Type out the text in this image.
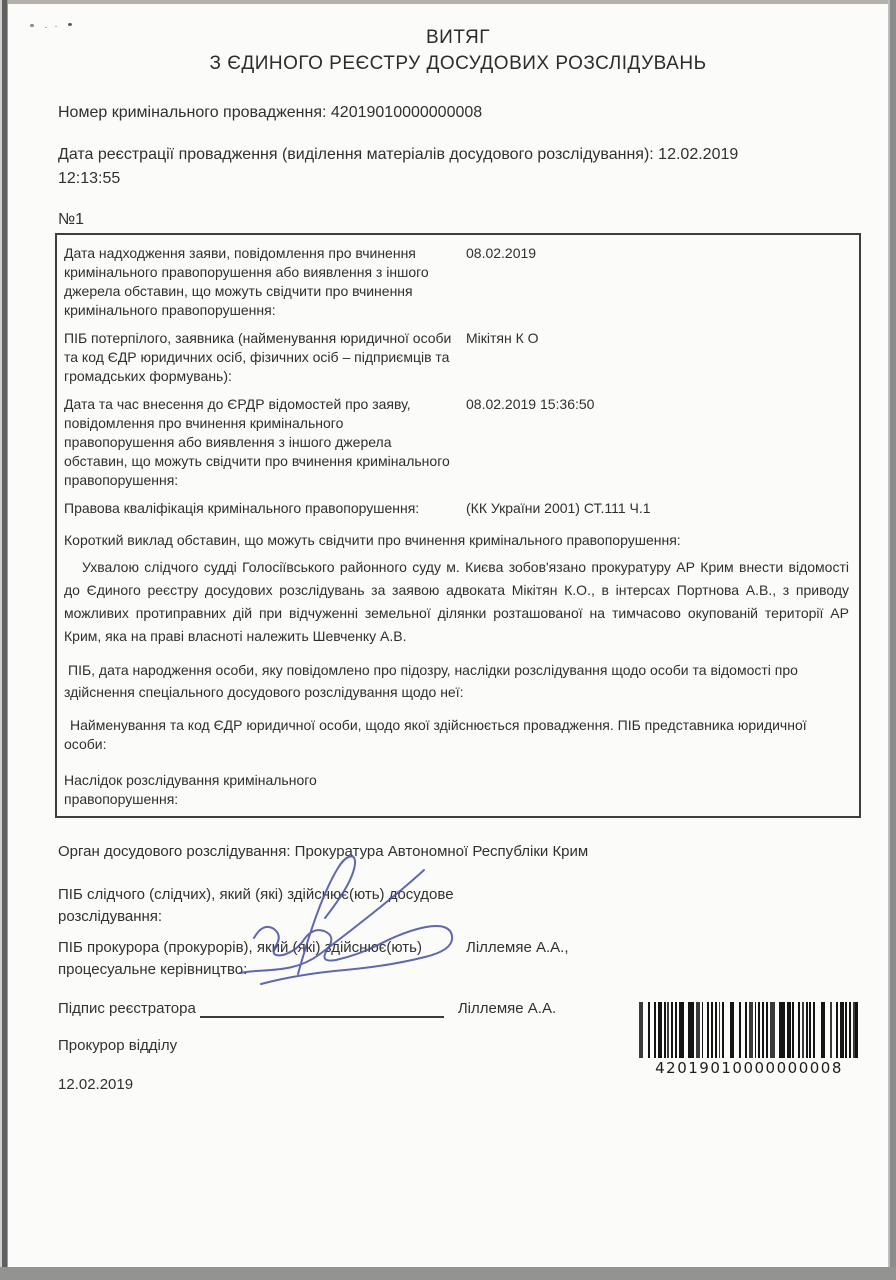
ВИТЯГ
З ЄДИНОГО РЕЄСТРУ ДОСУДОВИХ РОЗСЛІДУВАНЬ
Номер кримінального провадження: 42019010000000008
Дата реєстрації провадження (виділення матеріалів досудового розслідування): 12.02.2019 12:13:55
№1
Дата надходження заяви, повідомлення про вчинення кримінального правопорушення або виявлення з іншого джерела обставин, що можуть свідчити про вчинення кримінального правопорушення:
08.02.2019
ПІБ потерпілого, заявника (найменування юридичної особи та код ЄДР юридичних осіб, фізичних осіб – підприємців та громадських формувань):
Мікітян К О
Дата та час внесення до ЄРДР відомостей про заяву, повідомлення про вчинення кримінального правопорушення або виявлення з іншого джерела обставин, що можуть свідчити про вчинення кримінального правопорушення:
08.02.2019 15:36:50
Правова кваліфікація кримінального правопорушення:	(КК України 2001) СТ.111 Ч.1
Короткий виклад обставин, що можуть свідчити про вчинення кримінального правопорушення:
Ухвалою слідчого судді Голосіївського районного суду м. Києва зобов'язано прокуратуру АР Крим внести відомості до Єдиного реєстру досудових розслідувань за заявою адвоката Мікітян К.О., в інтерсах Портнова А.В., з приводу можливих протиправних дій при відчуженні земельної ділянки розташованої на тимчасово окупованій території АР Крим, яка на праві власноті належить Шевченку А.В.
ПІБ, дата народження особи, яку повідомлено про підозру, наслідки розслідування щодо особи та відомості про здійснення спеціального досудового розслідування щодо неї:
Найменування та код ЄДР юридичної особи, щодо якої здійснюється провадження. ПІБ представника юридичної особи:
Наслідок розслідування кримінального правопорушення:
Орган досудового розслідування: Прокуратура Автономної Республіки Крим
ПІБ слідчого (слідчих), який (які) здійснює(ють) досудове розслідування:
ПІБ прокурора (прокурорів), який (які) здійснює(ють) процесуальне керівництво:
Ліллемяе А.А.,
Підпис реєстратора	Ліллемяе А.А.
Прокурор відділу
12.02.2019
42019010000000008
